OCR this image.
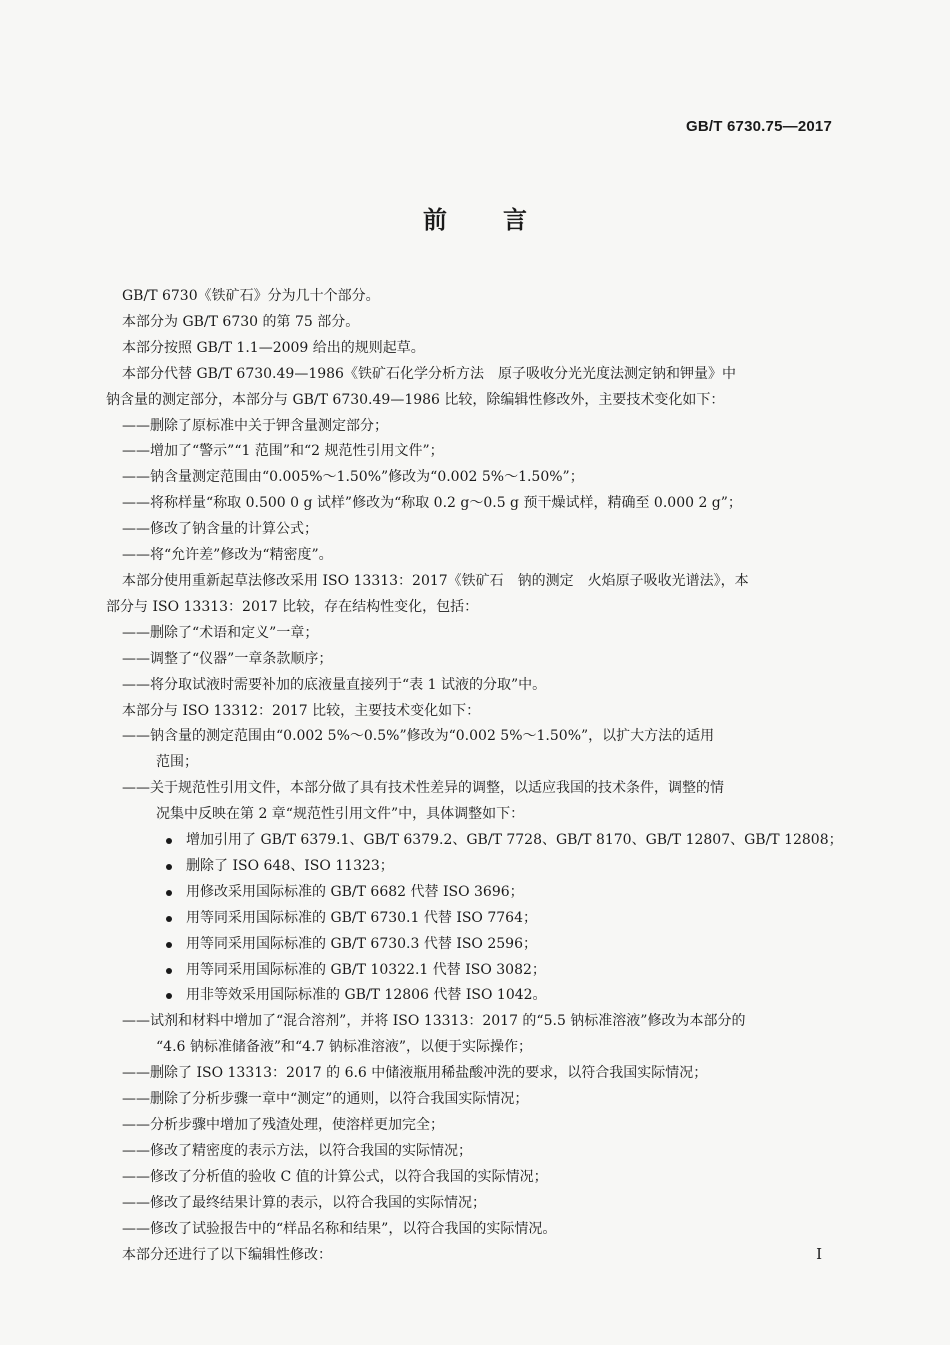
GB/T 6730.75—2017
前言
GB/T 6730《铁矿石》分为几十个部分。
本部分为 GB/T 6730 的第 75 部分。
本部分按照 GB/T 1.1—2009 给出的规则起草。
本部分代替 GB/T 6730.49—1986《铁矿石化学分析方法　原子吸收分光光度法测定钠和钾量》中
钠含量的测定部分，本部分与 GB/T 6730.49—1986 比较，除编辑性修改外，主要技术变化如下：
——删除了原标准中关于钾含量测定部分；
——增加了“警示”“1 范围”和“2 规范性引用文件”；
——钠含量测定范围由“0.005%～1.50%”修改为“0.002 5%～1.50%”；
——将称样量“称取 0.500 0 g 试样”修改为“称取 0.2 g～0.5 g 预干燥试样，精确至 0.000 2 g”；
——修改了钠含量的计算公式；
——将“允许差”修改为“精密度”。
本部分使用重新起草法修改采用 ISO 13313：2017《铁矿石　钠的测定　火焰原子吸收光谱法》，本
部分与 ISO 13313：2017 比较，存在结构性变化，包括：
——删除了“术语和定义”一章；
——调整了“仪器”一章条款顺序；
——将分取试液时需要补加的底液量直接列于“表 1 试液的分取”中。
本部分与 ISO 13312：2017 比较，主要技术变化如下：
——钠含量的测定范围由“0.002 5%～0.5%”修改为“0.002 5%～1.50%”，以扩大方法的适用
范围；
——关于规范性引用文件，本部分做了具有技术性差异的调整，以适应我国的技术条件，调整的情
况集中反映在第 2 章“规范性引用文件”中，具体调整如下：
增加引用了 GB/T 6379.1、GB/T 6379.2、GB/T 7728、GB/T 8170、GB/T 12807、GB/T 12808；
删除了 ISO 648、ISO 11323；
用修改采用国际标准的 GB/T 6682 代替 ISO 3696；
用等同采用国际标准的 GB/T 6730.1 代替 ISO 7764；
用等同采用国际标准的 GB/T 6730.3 代替 ISO 2596；
用等同采用国际标准的 GB/T 10322.1 代替 ISO 3082；
用非等效采用国际标准的 GB/T 12806 代替 ISO 1042。
——试剂和材料中增加了“混合溶剂”，并将 ISO 13313：2017 的“5.5 钠标准溶液”修改为本部分的
“4.6 钠标准储备液”和“4.7 钠标准溶液”，以便于实际操作；
——删除了 ISO 13313：2017 的 6.6 中储液瓶用稀盐酸冲洗的要求，以符合我国实际情况；
——删除了分析步骤一章中“测定”的通则，以符合我国实际情况；
——分析步骤中增加了残渣处理，使溶样更加完全；
——修改了精密度的表示方法，以符合我国的实际情况；
——修改了分析值的验收 C 值的计算公式，以符合我国的实际情况；
——修改了最终结果计算的表示，以符合我国的实际情况；
——修改了试验报告中的“样品名称和结果”，以符合我国的实际情况。
本部分还进行了以下编辑性修改：	I
